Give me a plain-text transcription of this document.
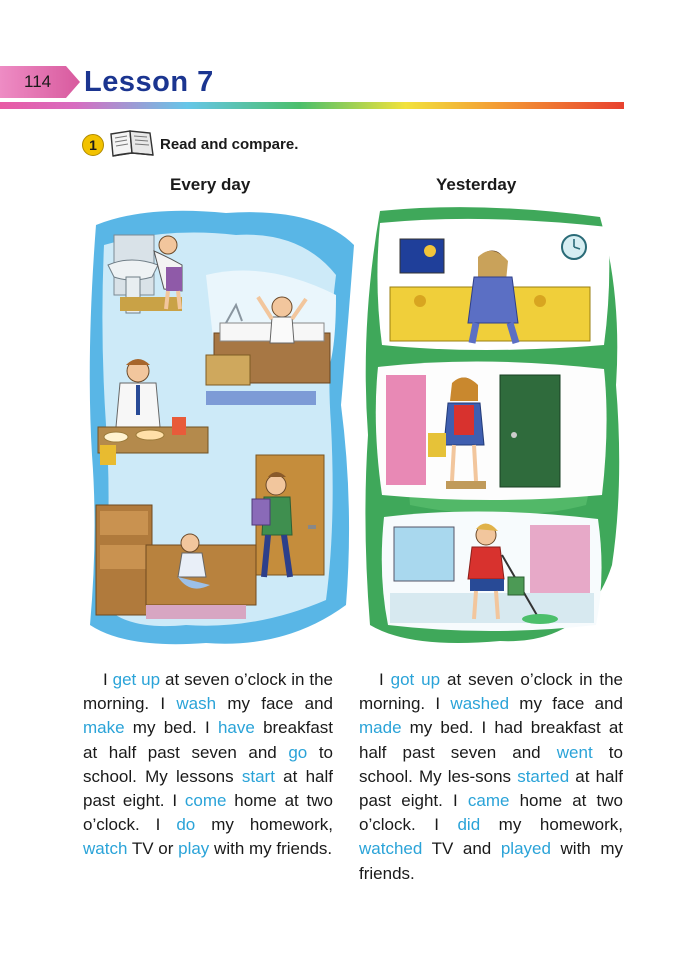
114 Lesson 7
1	Read and compare.
Every day	Yesterday

I get up at seven o’clock in the morning. I wash my face and make my bed. I have breakfast at half past seven and go to school. My lessons start at half past eight. I come home at two o’clock. I do my homework, watch TV or play with my friends.

I got up at seven o’clock in the morning. I washed my face and made my bed. I had breakfast at half past seven and went to school. My les-sons started at half past eight. I came home at two o’clock. I did my homework, watched TV and played with my friends.
